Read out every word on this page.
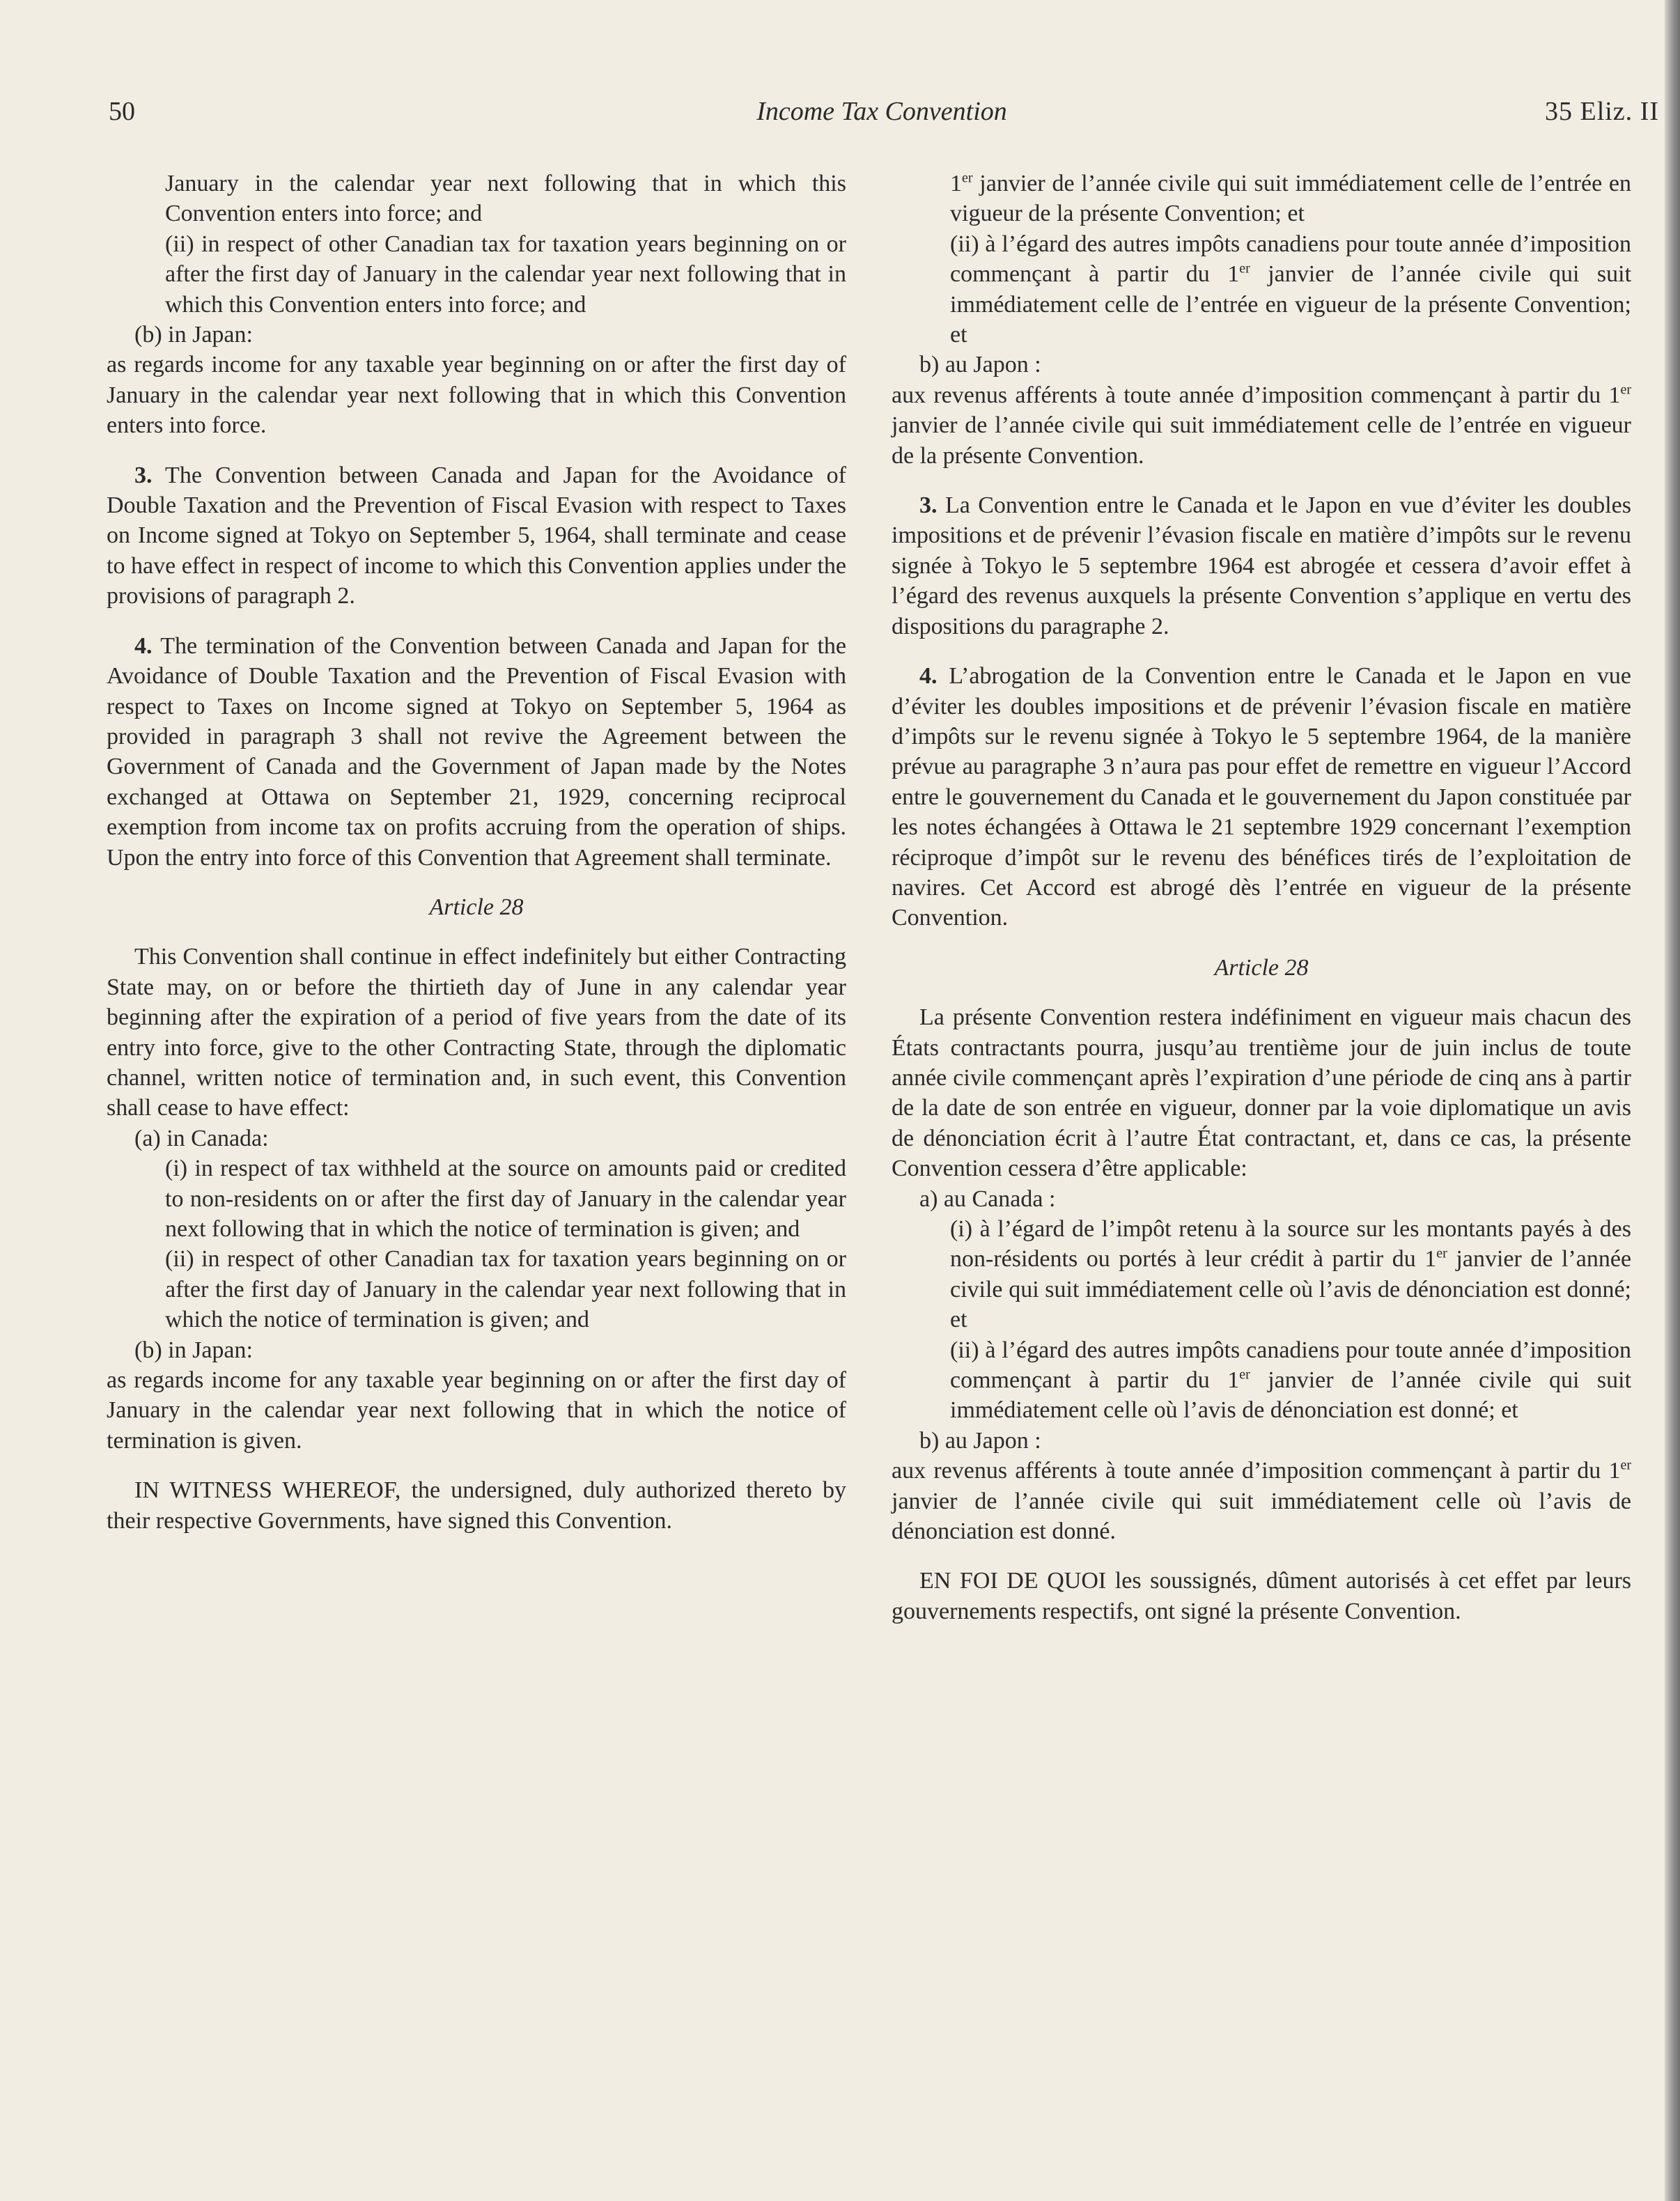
50	Income Tax Convention	35 Eliz. II

January in the calendar year next following that in which this Convention enters into force; and

(ii) in respect of other Canadian tax for taxation years beginning on or after the first day of January in the calendar year next following that in which this Convention enters into force; and

(b) in Japan:

as regards income for any taxable year beginning on or after the first day of January in the calendar year next following that in which this Convention enters into force.

3. The Convention between Canada and Japan for the Avoidance of Double Taxation and the Prevention of Fiscal Evasion with respect to Taxes on Income signed at Tokyo on September 5, 1964, shall terminate and cease to have effect in respect of income to which this Convention applies under the provisions of paragraph 2.

4. The termination of the Convention between Canada and Japan for the Avoidance of Double Taxation and the Prevention of Fiscal Evasion with respect to Taxes on Income signed at Tokyo on September 5, 1964 as provided in paragraph 3 shall not revive the Agreement between the Government of Canada and the Government of Japan made by the Notes exchanged at Ottawa on September 21, 1929, concerning reciprocal exemption from income tax on profits accruing from the operation of ships. Upon the entry into force of this Convention that Agreement shall terminate.

Article 28

This Convention shall continue in effect indefinitely but either Contracting State may, on or before the thirtieth day of June in any calendar year beginning after the expiration of a period of five years from the date of its entry into force, give to the other Contracting State, through the diplomatic channel, written notice of termination and, in such event, this Convention shall cease to have effect:

(a) in Canada:

(i) in respect of tax withheld at the source on amounts paid or credited to non-residents on or after the first day of January in the calendar year next following that in which the notice of termination is given; and

(ii) in respect of other Canadian tax for taxation years beginning on or after the first day of January in the calendar year next following that in which the notice of termination is given; and

(b) in Japan:

as regards income for any taxable year beginning on or after the first day of January in the calendar year next following that in which the notice of termination is given.

IN WITNESS WHEREOF, the undersigned, duly authorized thereto by their respective Governments, have signed this Convention.

1er janvier de l’année civile qui suit immédiatement celle de l’entrée en vigueur de la présente Convention; et

(ii) à l’égard des autres impôts canadiens pour toute année d’imposition commençant à partir du 1er janvier de l’année civile qui suit immédiatement celle de l’entrée en vigueur de la présente Convention; et

b) au Japon :

aux revenus afférents à toute année d’imposition commençant à partir du 1er janvier de l’année civile qui suit immédiatement celle de l’entrée en vigueur de la présente Convention.

3. La Convention entre le Canada et le Japon en vue d’éviter les doubles impositions et de prévenir l’évasion fiscale en matière d’impôts sur le revenu signée à Tokyo le 5 septembre 1964 est abrogée et cessera d’avoir effet à l’égard des revenus auxquels la présente Convention s’applique en vertu des dispositions du paragraphe 2.

4. L’abrogation de la Convention entre le Canada et le Japon en vue d’éviter les doubles impositions et de prévenir l’évasion fiscale en matière d’impôts sur le revenu signée à Tokyo le 5 septembre 1964, de la manière prévue au paragraphe 3 n’aura pas pour effet de remettre en vigueur l’Accord entre le gouvernement du Canada et le gouvernement du Japon constituée par les notes échangées à Ottawa le 21 septembre 1929 concernant l’exemption réciproque d’impôt sur le revenu des bénéfices tirés de l’exploitation de navires. Cet Accord est abrogé dès l’entrée en vigueur de la présente Convention.

Article 28

La présente Convention restera indéfiniment en vigueur mais chacun des États contractants pourra, jusqu’au trentième jour de juin inclus de toute année civile commençant après l’expiration d’une période de cinq ans à partir de la date de son entrée en vigueur, donner par la voie diplomatique un avis de dénonciation écrit à l’autre État contractant, et, dans ce cas, la présente Convention cessera d’être applicable:

a) au Canada :

(i) à l’égard de l’impôt retenu à la source sur les montants payés à des non-résidents ou portés à leur crédit à partir du 1er janvier de l’année civile qui suit immédiatement celle où l’avis de dénonciation est donné; et

(ii) à l’égard des autres impôts canadiens pour toute année d’imposition commençant à partir du 1er janvier de l’année civile qui suit immédiatement celle où l’avis de dénonciation est donné; et

b) au Japon :

aux revenus afférents à toute année d’imposition commençant à partir du 1er janvier de l’année civile qui suit immédiatement celle où l’avis de dénonciation est donné.

EN FOI DE QUOI les soussignés, dûment autorisés à cet effet par leurs gouvernements respectifs, ont signé la présente Convention.
